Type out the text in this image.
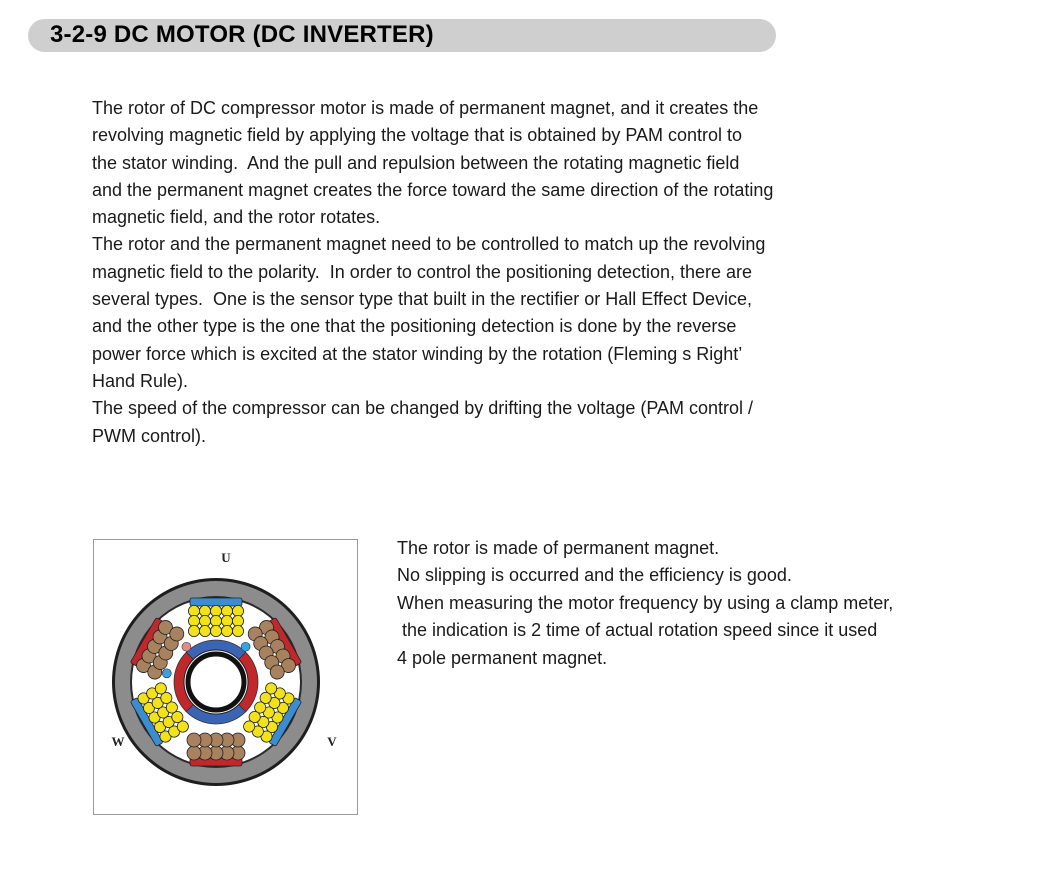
3-2-9 DC MOTOR (DC INVERTER)
The rotor of DC compressor motor is made of permanent magnet, and it creates the
revolving magnetic field by applying the voltage that is obtained by PAM control to
the stator winding.  And the pull and repulsion between the rotating magnetic field
and the permanent magnet creates the force toward the same direction of the rotating
magnetic field, and the rotor rotates.
The rotor and the permanent magnet need to be controlled to match up the revolving
magnetic field to the polarity.  In order to control the positioning detection, there are
several types.  One is the sensor type that built in the rectifier or Hall Effect Device,
and the other type is the one that the positioning detection is done by the reverse
power force which is excited at the stator winding by the rotation (Fleming s Right’
Hand Rule).
The speed of the compressor can be changed by drifting the voltage (PAM control /
PWM control).
U
V
W
The rotor is made of permanent magnet.
No slipping is occurred and the efficiency is good.
When measuring the motor frequency by using a clamp meter,
the indication is 2 time of actual rotation speed since it used
4 pole permanent magnet.
